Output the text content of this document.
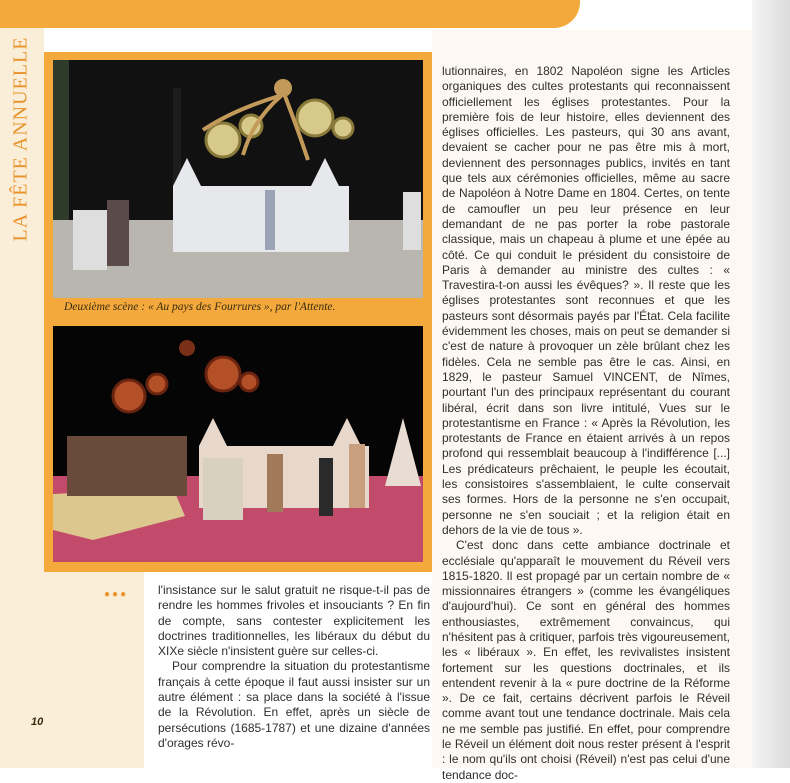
LA FÊTE ANNUELLE
Deuxième scène : « Au pays des Fourrures », par l'Attente.
●●●

lutionnaires, en 1802 Napoléon signe les Articles organiques des cultes protestants qui reconnaissent officiellement les églises protestantes. Pour la première fois de leur histoire, elles deviennent des églises officielles. Les pasteurs, qui 30 ans avant, devaient se cacher pour ne pas être mis à mort, deviennent des personnages publics, invités en tant que tels aux cérémonies officielles, même au sacre de Napoléon à Notre Dame en 1804. Certes, on tente de camoufler un peu leur présence en leur demandant de ne pas porter la robe pastorale classique, mais un chapeau à plume et une épée au côté. Ce qui conduit le président du consistoire de Paris à demander au ministre des cultes : « Travestira-t-on aussi les évêques? ». Il reste que les églises protestantes sont reconnues et que les pasteurs sont désormais payés par l'État. Cela facilite évidemment les choses, mais on peut se demander si c'est de nature à provoquer un zèle brûlant chez les fidèles. Cela ne semble pas être le cas. Ainsi, en 1829, le pasteur Samuel VINCENT, de Nîmes, pourtant l'un des principaux représentant du courant libéral, écrit dans son livre intitulé, Vues sur le protestantisme en France : « Après la Révolution, les protestants de France en étaient arrivés à un repos profond qui ressemblait beaucoup à l'indifférence [...] Les prédicateurs prêchaient, le peuple les écoutait, les consistoires s'assemblaient, le culte conservait ses formes. Hors de la personne ne s'en occupait, personne ne s'en souciait ; et la religion était en dehors de la vie de tous ».

C'est donc dans cette ambiance doctrinale et ecclésiale qu'apparaît le mouvement du Réveil vers 1815-1820. Il est propagé par un certain nombre de « missionnaires étrangers » (comme les évangéliques d'aujourd'hui). Ce sont en général des hommes enthousiastes, extrêmement convaincus, qui n'hésitent pas à critiquer, parfois très vigoureusement, les « libéraux ». En effet, les revivalistes insistent fortement sur les questions doctrinales, et ils entendent revenir à la « pure doctrine de la Réforme ». De ce fait, certains décrivent parfois le Réveil comme avant tout une tendance doctrinale. Mais cela ne me semble pas justifié. En effet, pour comprendre le Réveil un élément doit nous rester présent à l'esprit : le nom qu'ils ont choisi (Réveil) n'est pas celui d'une tendance doc-

l'insistance sur le salut gratuit ne risque-t-il pas de rendre les hommes frivoles et insouciants ? En fin de compte, sans contester explicitement les doctrines traditionnelles, les libéraux du début du XIXe siècle n'insistent guère sur celles-ci.

Pour comprendre la situation du protestantisme français à cette époque il faut aussi insister sur un autre élément : sa place dans la société à l'issue de la Révolution. En effet, après un siècle de persécutions (1685-1787) et une dizaine d'années d'orages révo-

10
